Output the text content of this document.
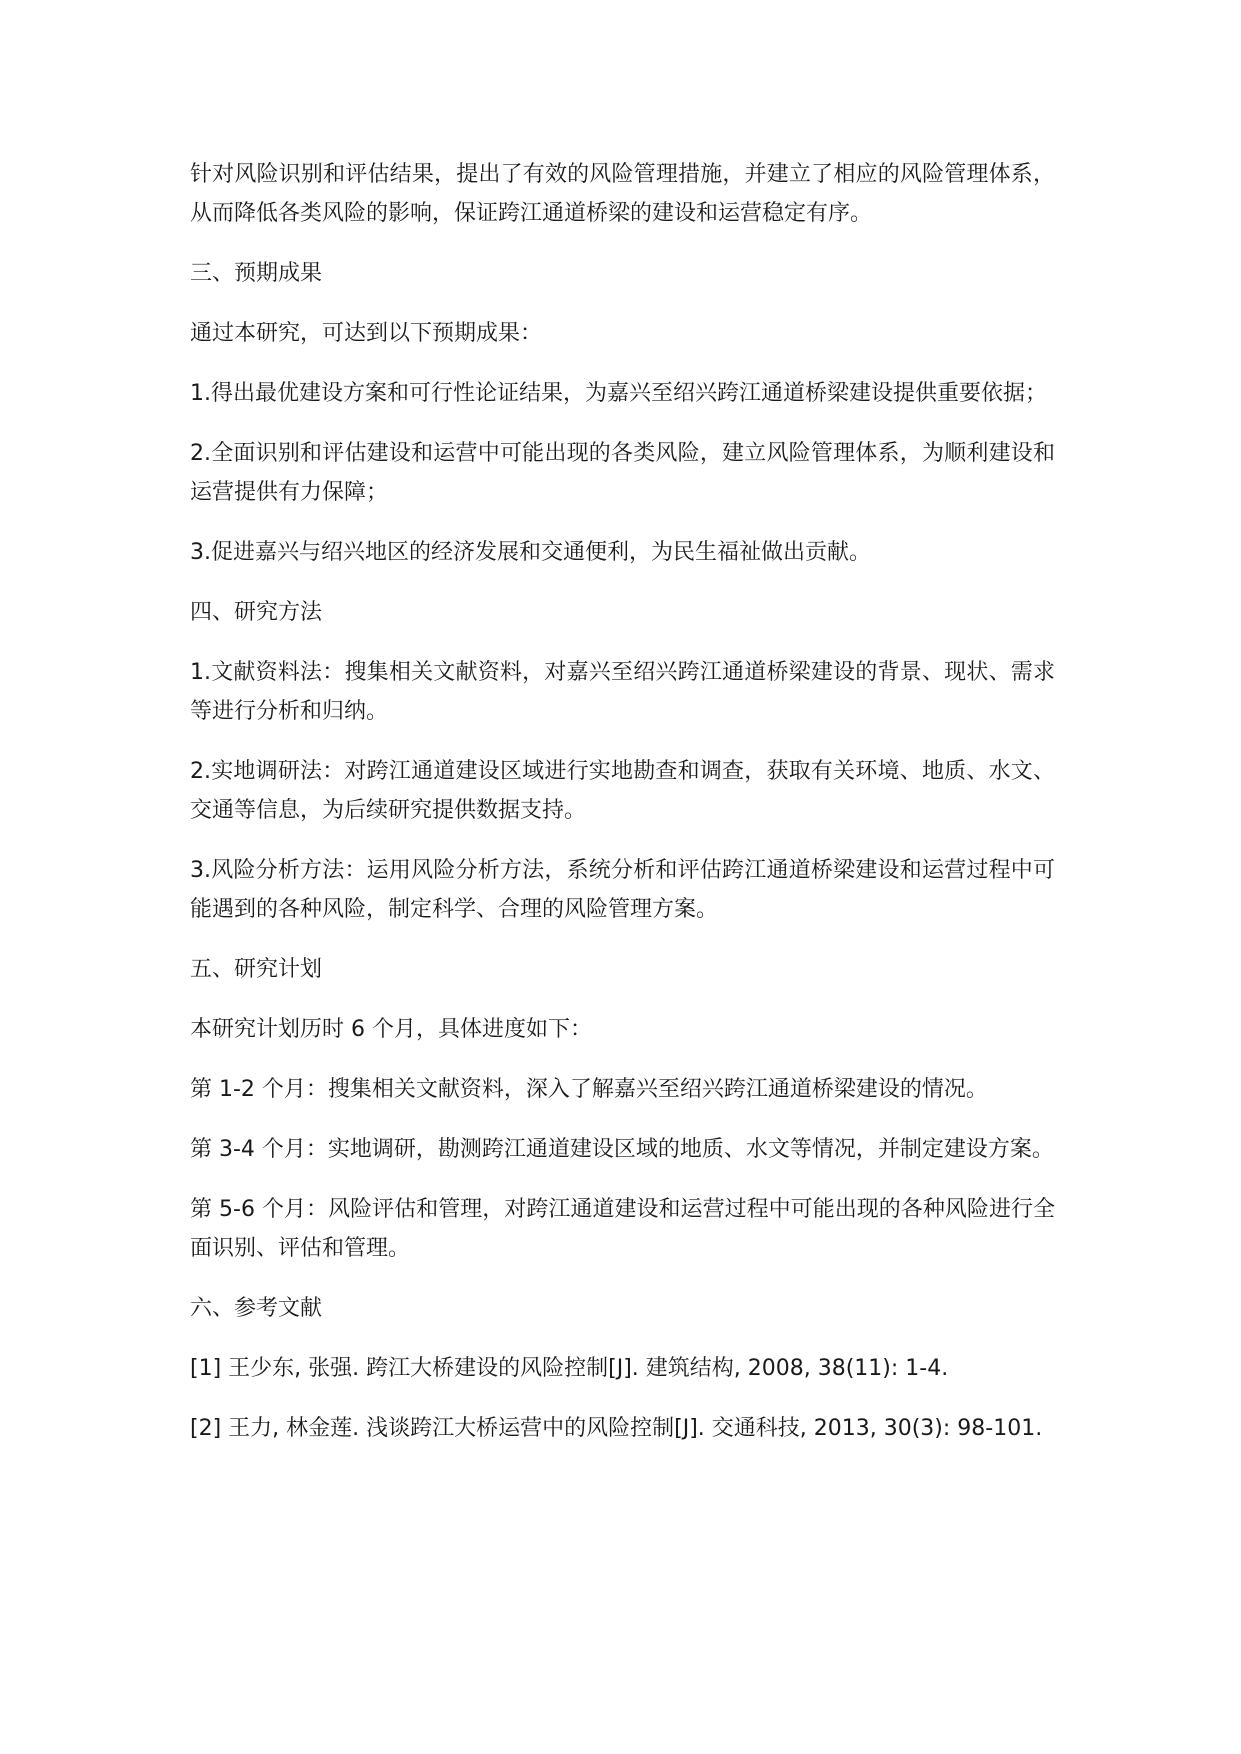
针对风险识别和评估结果，提出了有效的风险管理措施，并建立了相应的风险管理体系，从而降低各类风险的影响，保证跨江通道桥梁的建设和运营稳定有序。

三、预期成果

通过本研究，可达到以下预期成果：

1.得出最优建设方案和可行性论证结果，为嘉兴至绍兴跨江通道桥梁建设提供重要依据；

2.全面识别和评估建设和运营中可能出现的各类风险，建立风险管理体系，为顺利建设和运营提供有力保障；

3.促进嘉兴与绍兴地区的经济发展和交通便利，为民生福祉做出贡献。

四、研究方法

1.文献资料法：搜集相关文献资料，对嘉兴至绍兴跨江通道桥梁建设的背景、现状、需求等进行分析和归纳。

2.实地调研法：对跨江通道建设区域进行实地勘查和调查，获取有关环境、地质、水文、交通等信息，为后续研究提供数据支持。

3.风险分析方法：运用风险分析方法，系统分析和评估跨江通道桥梁建设和运营过程中可能遇到的各种风险，制定科学、合理的风险管理方案。

五、研究计划

本研究计划历时 6 个月，具体进度如下：

第 1-2 个月：搜集相关文献资料，深入了解嘉兴至绍兴跨江通道桥梁建设的情况。

第 3-4 个月：实地调研，勘测跨江通道建设区域的地质、水文等情况，并制定建设方案。

第 5-6 个月：风险评估和管理，对跨江通道建设和运营过程中可能出现的各种风险进行全面识别、评估和管理。

六、参考文献

[1] 王少东, 张强. 跨江大桥建设的风险控制[J]. 建筑结构, 2008, 38(11): 1-4.

[2] 王力, 林金莲. 浅谈跨江大桥运营中的风险控制[J]. 交通科技, 2013, 30(3): 98-101.
